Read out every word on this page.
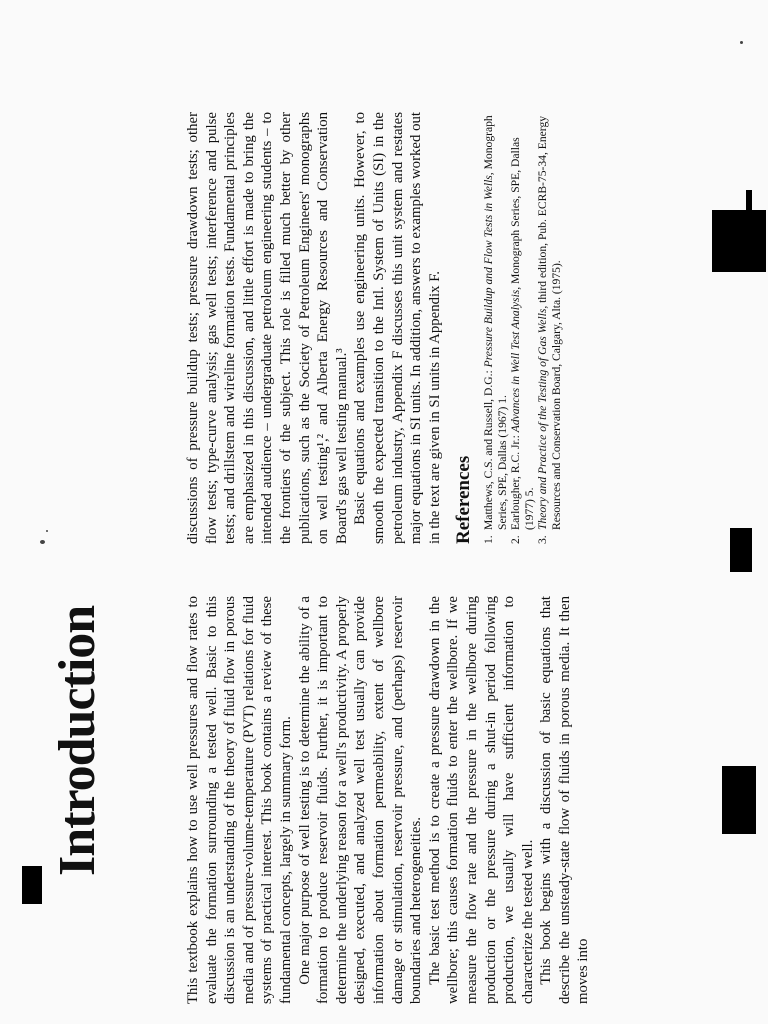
Introduction	This textbook explains how to use well pressures and flow rates to evaluate the formation surrounding a tested well. Basic to this discussion is an understanding of the theory of fluid flow in porous media and of pressure-volume-temperature (PVT) relations for fluid systems of practical interest. This book contains a review of these fundamental concepts, largely in summary form. One major purpose of well testing is to determine the ability of a formation to produce reservoir fluids. Further, it is important to determine the underlying reason for a well's productivity. A properly designed, executed, and analyzed well test usually can provide information about formation permeability, extent of wellbore damage or stimulation, reservoir pressure, and (perhaps) reservoir boundaries and heterogeneities. The basic test method is to create a pressure drawdown in the wellbore; this causes formation fluids to enter the wellbore. If we measure the flow rate and the pressure in the wellbore during production or the pressure during a shut-in period following production, we usually will have sufficient information to characterize the tested well. This book begins with a discussion of basic equations that describe the unsteady-state flow of fluids in porous media. It then moves into

discussions of pressure buildup tests; pressure drawdown tests; other flow tests; type-curve analysis; gas well tests; interference and pulse tests; and drillstem and wireline formation tests. Fundamental principles are emphasized in this discussion, and little effort is made to bring the intended audience – undergraduate petroleum engineering students – to the frontiers of the subject. This role is filled much better by other publications, such as the Society of Petroleum Engineers' monographs on well testing¹,² and Alberta Energy Resources and Conservation Board's gas well testing manual.³ Basic equations and examples use engineering units. However, to smooth the expected transition to the Intl. System of Units (SI) in the petroleum industry, Appendix F discusses this unit system and restates major equations in SI units. In addition, answers to examples worked out in the text are given in SI units in Appendix F. References 1.
Matthews, C.S. and Russell, D.G.: Pressure Buildup and Flow Tests in Wells, Monograph Series, SPE, Dallas (1967) 1.
2.
Earlougher, R.C. Jr.: Advances in Well Test Analysis, Monograph Series, SPE, Dallas (1977) 5.
3.
Theory and Practice of the Testing of Gas Wells, third edition, Pub. ECRB-75-34, Energy Resources and Conservation Board, Calgary, Alta. (1975).
